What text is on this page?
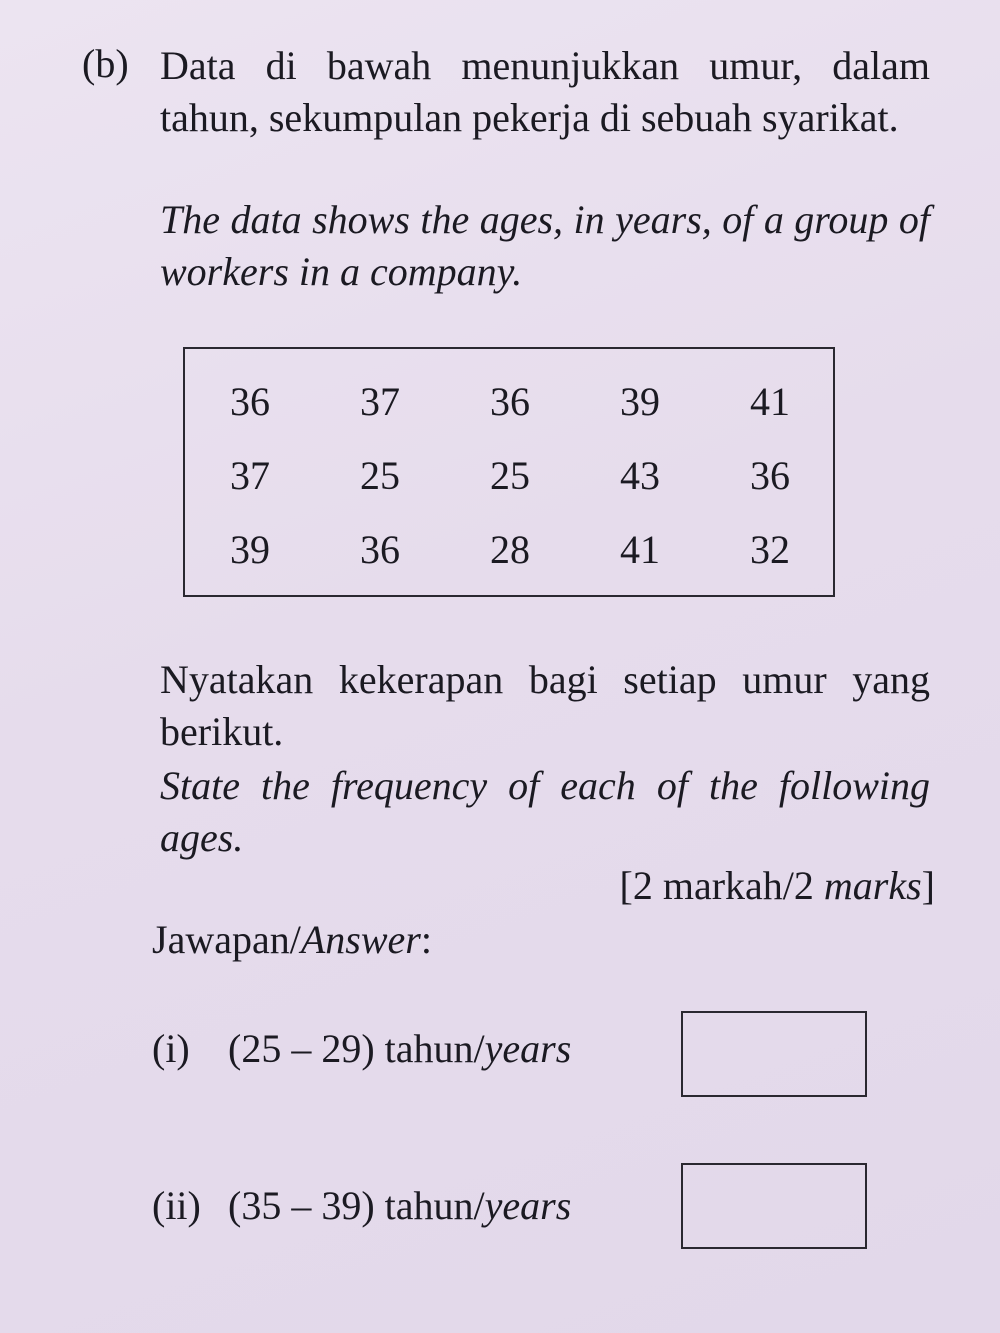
(b) Data di bawah menunjukkan umur, dalam tahun, sekumpulan pekerja di sebuah syarikat.
The data shows the ages, in years, of a group of workers in a company.
36	37	36	39	41
37	25	25	43	36
39	36	28	41	32
Nyatakan kekerapan bagi setiap umur yang berikut.
State the frequency of each of the following ages.
[2 markah/2 marks]
Jawapan/Answer:
(i) (25 – 29) tahun/years
(ii) (35 – 39) tahun/years
